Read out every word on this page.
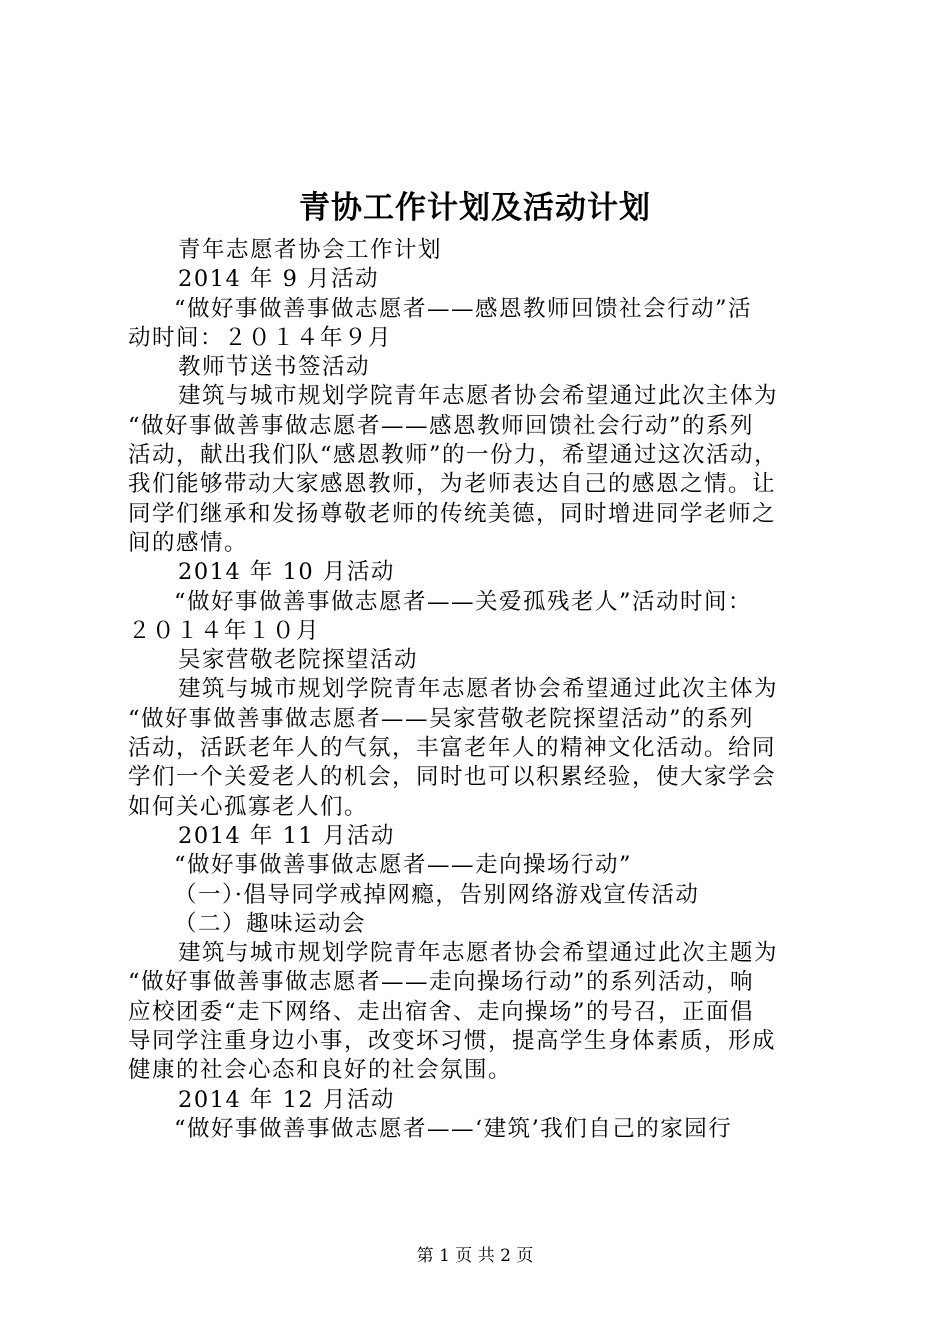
青协工作计划及活动计划
青年志愿者协会工作计划
2014 年 9 月活动
“做好事做善事做志愿者——感恩教师回馈社会行动”活
动时间：２０１４年９月
教师节送书签活动
建筑与城市规划学院青年志愿者协会希望通过此次主体为
“做好事做善事做志愿者——感恩教师回馈社会行动”的系列
活动，献出我们队“感恩教师”的一份力，希望通过这次活动，
我们能够带动大家感恩教师，为老师表达自己的感恩之情。让
同学们继承和发扬尊敬老师的传统美德，同时增进同学老师之
间的感情。
2014 年 10 月活动
“做好事做善事做志愿者——关爱孤残老人”活动时间：
２０１４年１０月
吴家营敬老院探望活动
建筑与城市规划学院青年志愿者协会希望通过此次主体为
“做好事做善事做志愿者——吴家营敬老院探望活动”的系列
活动，活跃老年人的气氛，丰富老年人的精神文化活动。给同
学们一个关爱老人的机会，同时也可以积累经验，使大家学会
如何关心孤寡老人们。
2014 年 11 月活动
“做好事做善事做志愿者——走向操场行动”
（一）·倡导同学戒掉网瘾，告别网络游戏宣传活动
（二）趣味运动会
建筑与城市规划学院青年志愿者协会希望通过此次主题为
“做好事做善事做志愿者——走向操场行动”的系列活动，响
应校团委“走下网络、走出宿舍、走向操场”的号召，正面倡
导同学注重身边小事，改变坏习惯，提高学生身体素质，形成
健康的社会心态和良好的社会氛围。
2014 年 12 月活动
“做好事做善事做志愿者——‘建筑’我们自己的家园行
第 1 页 共 2 页
